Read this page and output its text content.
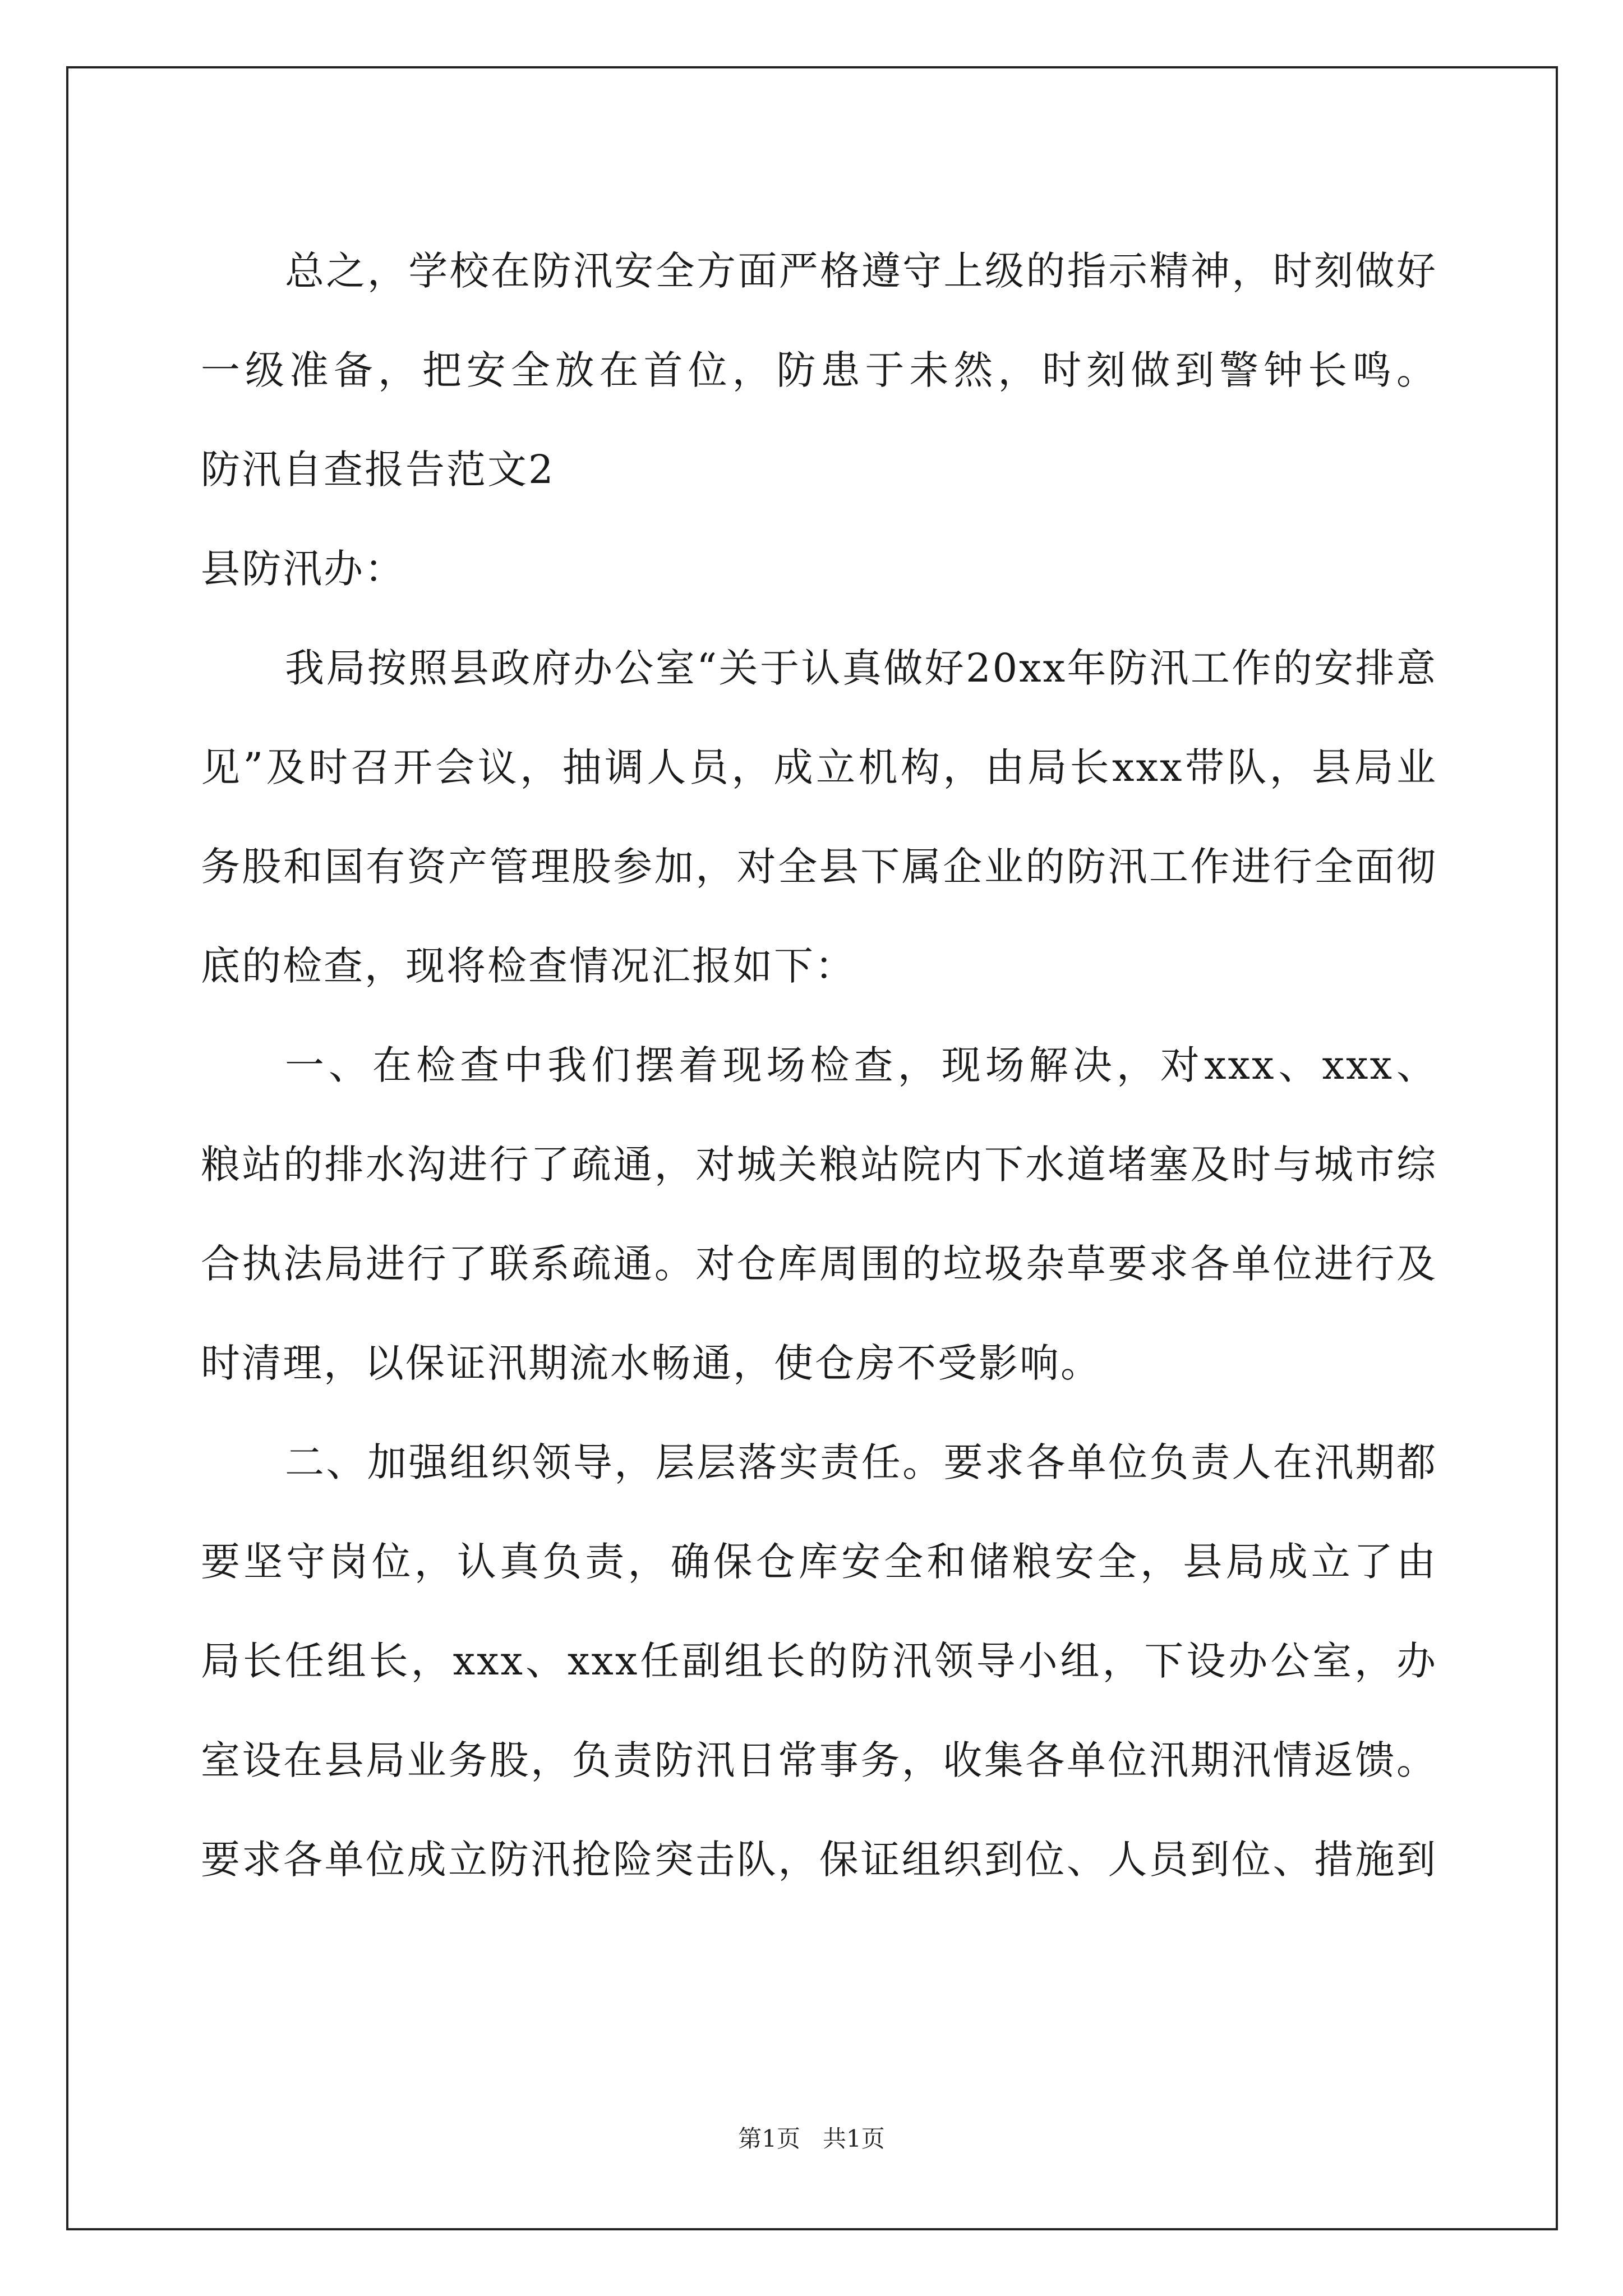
总之，学校在防汛安全方面严格遵守上级的指示精神，时刻做好
一级准备，把安全放在首位，防患于未然，时刻做到警钟长鸣。
防汛自查报告范文2
县防汛办：
我局按照县政府办公室“关于认真做好20xx年防汛工作的安排意
见”及时召开会议，抽调人员，成立机构，由局长xxx带队，县局业
务股和国有资产管理股参加，对全县下属企业的防汛工作进行全面彻
底的检查，现将检查情况汇报如下：
一、在检查中我们摆着现场检查，现场解决，对xxx、xxx、
粮站的排水沟进行了疏通，对城关粮站院内下水道堵塞及时与城市综
合执法局进行了联系疏通。对仓库周围的垃圾杂草要求各单位进行及
时清理，以保证汛期流水畅通，使仓房不受影响。
二、加强组织领导，层层落实责任。要求各单位负责人在汛期都
要坚守岗位，认真负责，确保仓库安全和储粮安全，县局成立了由
局长任组长，xxx、xxx任副组长的防汛领导小组，下设办公室，办
室设在县局业务股，负责防汛日常事务，收集各单位汛期汛情返馈。
要求各单位成立防汛抢险突击队，保证组织到位、人员到位、措施到
第1页   共1页
